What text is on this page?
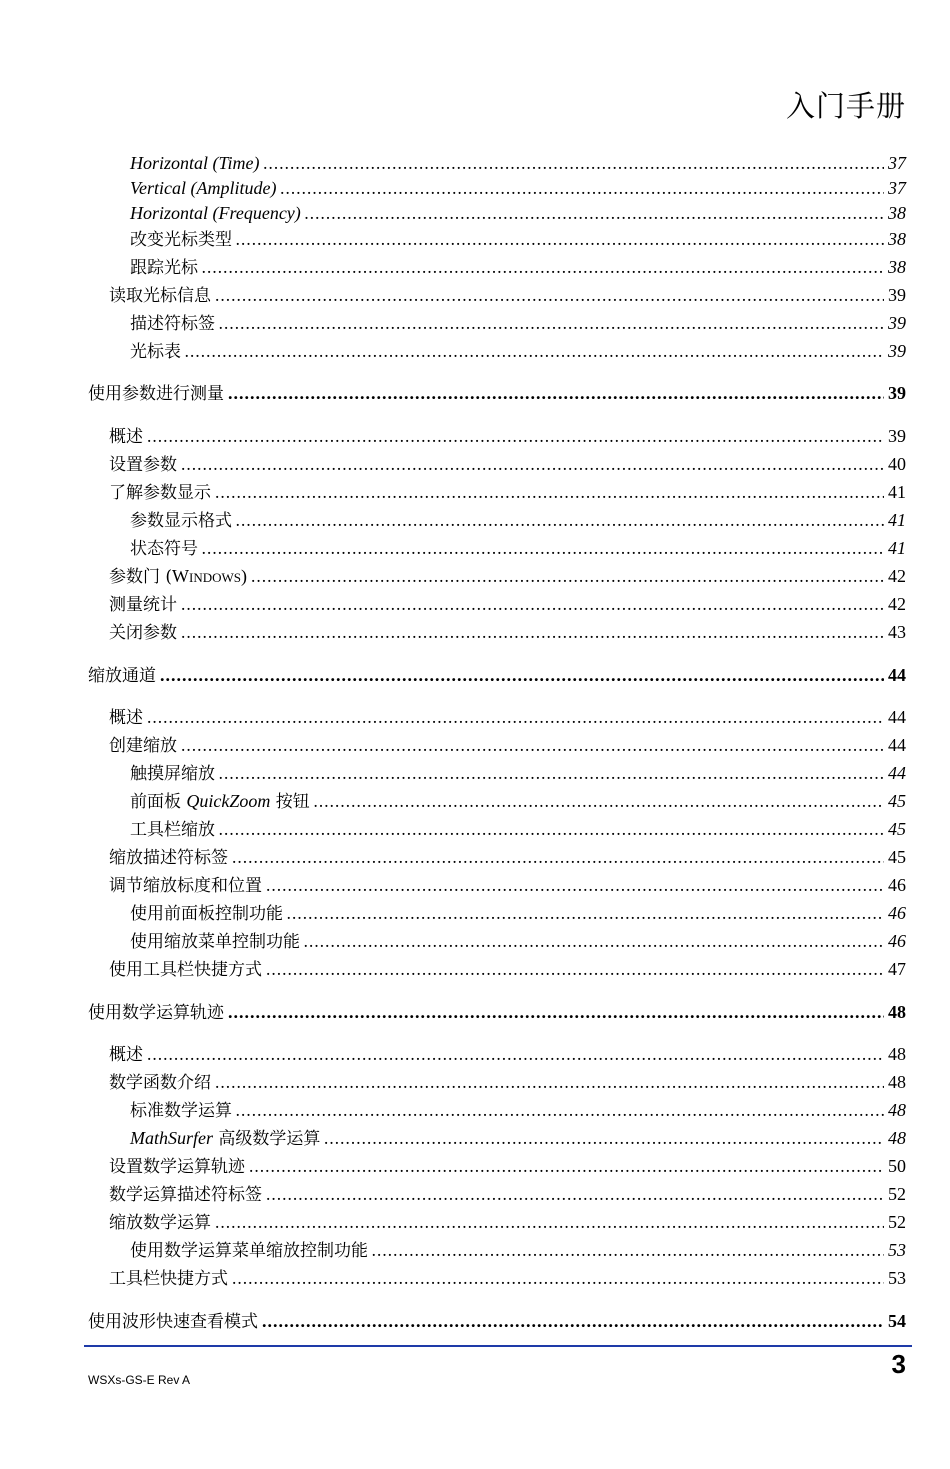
入门手册
Horizontal (Time) .....	37
Vertical (Amplitude) .....	37
Horizontal (Frequency) .....	38
改变光标类型 .....	38
跟踪光标 .....	38
读取光标信息 .....	39
描述符标签 .....	39
光标表 .....	39
使用参数进行测量 .....	39
概述 .....	39
设置参数 .....	40
了解参数显示 .....	41
参数显示格式 .....	41
状态符号 .....	41
参数门 (WINDOWS) .....	42
测量统计 .....	42
关闭参数 .....	43
缩放通道 .....	44
概述 .....	44
创建缩放 .....	44
触摸屏缩放 .....	44
前面板 QuickZoom 按钮 .....	45
工具栏缩放 .....	45
缩放描述符标签 .....	45
调节缩放标度和位置 .....	46
使用前面板控制功能 .....	46
使用缩放菜单控制功能 .....	46
使用工具栏快捷方式 .....	47
使用数学运算轨迹 .....	48
概述 .....	48
数学函数介绍 .....	48
标准数学运算 .....	48
MathSurfer 高级数学运算 .....	48
设置数学运算轨迹 .....	50
数学运算描述符标签 .....	52
缩放数学运算 .....	52
使用数学运算菜单缩放控制功能 .....	53
工具栏快捷方式 .....	53
使用波形快速查看模式 .....	54
3
WSXs-GS-E Rev A
